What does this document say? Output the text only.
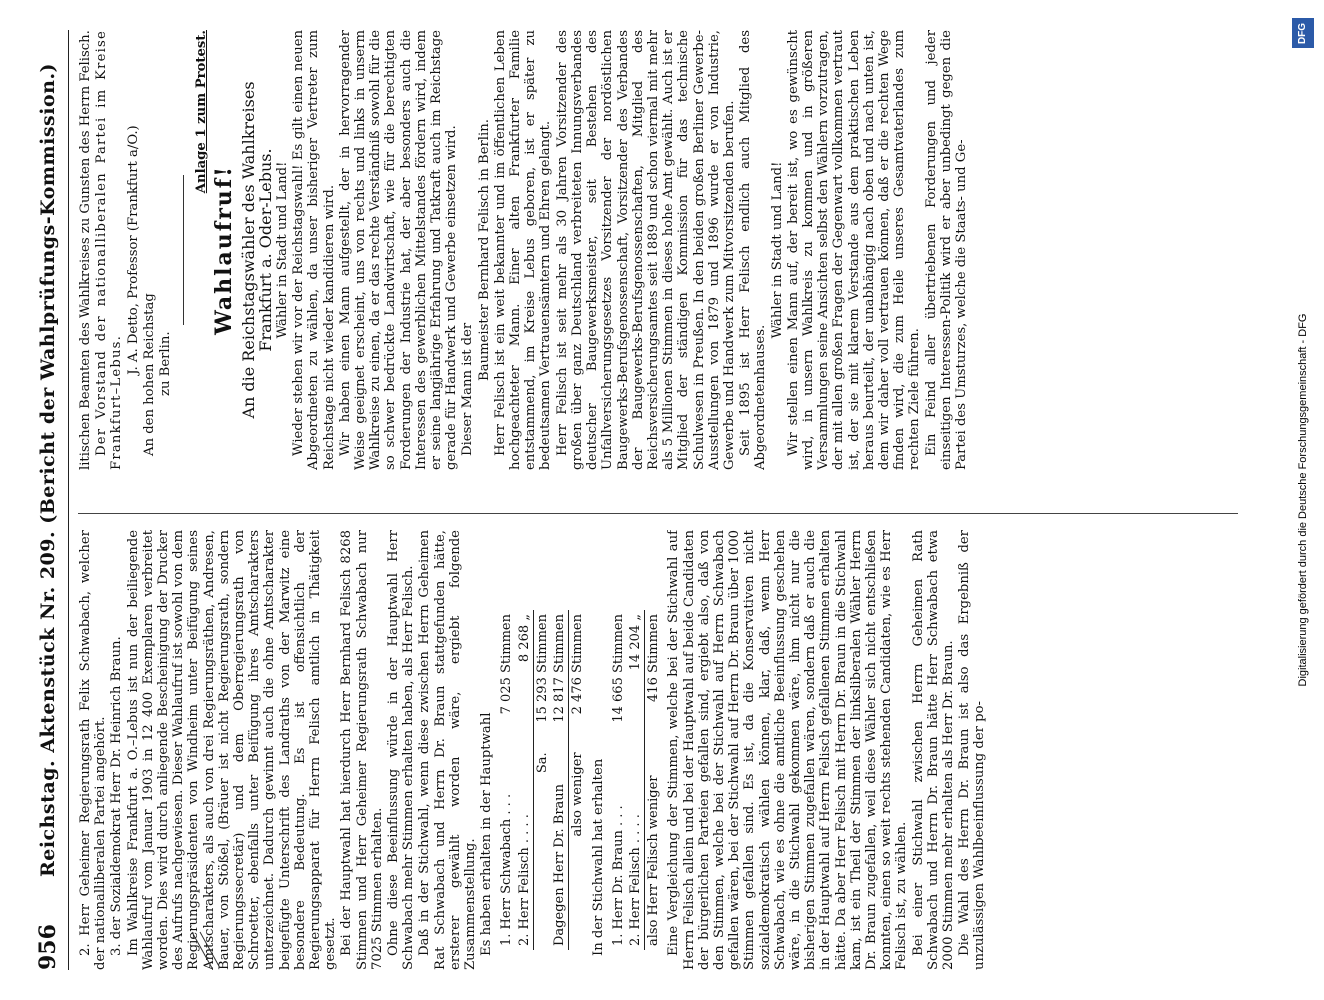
956
Reichstag. Aktenstück Nr. 209. (Bericht der Wahlprüfungs-Kommission.) 2. Herr Geheimer Regierungsrath Felix Schwabach, welcher der nationalliberalen Partei angehört. 3. der Sozialdemokrat Herr Dr. Heinrich Braun. Im Wahlkreise Frankfurt a. O.–Lebus ist nun der beiliegende Wahlaufruf vom Januar 1903 in 12 400 Exemplaren verbreitet worden. Dies wird durch anliegende Bescheinigung der Drucker des Aufrufs nachgewiesen. Dieser Wahlaufruf ist sowohl von dem Regierungspräsidenten von Windheim unter Beifügung seines Amtscharakters, als auch von drei Regierungsräthen, Andresen, Bauer, von Stößel, (Bräuer ist nicht Regierungsrath, sondern Regierungssecretär) und dem Oberregierungsrath von Schroetter, ebenfalls unter Beifügung ihres Amtscharakters unterzeichnet. Dadurch gewinnt auch die ohne Amtscharakter beigefügte Unterschrift des Landraths von der Marwitz eine besondere Bedeutung. Es ist offensichtlich der Regierungsapparat für Herrn Felisch amtlich in Thätigkeit gesetzt. Bei der Hauptwahl hat hierdurch Herr Bernhard Felisch 8268 Stimmen und Herr Geheimer Regierungsrath Schwabach nur 7025 Stimmen erhalten. Ohne diese Beeinflussung würde in der Hauptwahl Herr Schwabach mehr Stimmen erhalten haben, als Herr Felisch. Daß in der Stichwahl, wenn diese zwischen Herrn Geheimen Rat Schwabach und Herrn Dr. Braun stattgefunden hätte, ersterer gewählt worden wäre, ergiebt folgende Zusammenstellung. Es haben erhalten in der Hauptwahl 1. Herr Schwabach . . .	7 025 Stimmen
2. Herr Felisch . . . .	8 268 „
Sa.	15 293 Stimmen
Dagegen Herr Dr. Braun	12 817 Stimmen
also weniger	2 476 Stimmen

In der Stichwahl hat erhalten 1. Herr Dr. Braun . . .	14 665 Stimmen
2. Herr Felisch . . . .	14 204 „
also Herr Felisch weniger	416 Stimmen Eine Vergleichung der Stimmen, welche bei der Stichwahl auf Herrn Felisch allein und bei der Hauptwahl auf beide Candidaten der bürgerlichen Parteien gefallen sind, ergiebt also, daß von den Stimmen, welche bei der Stichwahl auf Herrn Schwabach gefallen wären, bei der Stichwahl auf Herrn Dr. Braun über 1000 Stimmen gefallen sind. Es ist, da die Konservativen nicht sozialdemokratisch wählen können, klar, daß, wenn Herr Schwabach, wie es ohne die amtliche Beeinflussung geschehen wäre, in die Stichwahl gekommen wäre, ihm nicht nur die bisherigen Stimmen zugefallen wären, sondern daß er auch die in der Hauptwahl auf Herrn Felisch gefallenen Stimmen erhalten hätte. Da aber Herr Felisch mit Herrn Dr. Braun in die Stichwahl kam, ist ein Theil der Stimmen der linksliberalen Wähler Herrn Dr. Braun zugefallen, weil diese Wähler sich nicht entschließen konnten, einen so weit rechts stehenden Candidaten, wie es Herr Felisch ist, zu wählen. Bei einer Stichwahl zwischen Herrn Geheimen Rath Schwabach und Herrn Dr. Braun hätte Herr Schwabach etwa 2000 Stimmen mehr erhalten als Herr Dr. Braun. Die Wahl des Herrn Dr. Braun ist also das Ergebniß der unzulässigen Wahlbeeinflussung der po-

litischen Beamten des Wahlkreises zu Gunsten des Herrn Felisch. Der Vorstand der nationalliberalen Partei im Kreise Frankfurt–Lebus.

J. A. Detto, Professor (Frankfurt a/O.) An den hohen Reichstag zu Berlin.

Anlage 1 zum Protest.

Wahlaufruf! An die Reichstagswähler des Wahlkreises

Frankfurt a. Oder-Lebus. Wähler in Stadt und Land! Wieder stehen wir vor der Reichstagswahl! Es gilt einen neuen Abgeordneten zu wählen, da unser bisheriger Vertreter zum Reichstage nicht wieder kandidieren wird. Wir haben einen Mann aufgestellt, der in hervorragender Weise geeignet erscheint, uns von rechts und links in unserm Wahlkreise zu einen, da er das rechte Verständniß sowohl für die so schwer bedrückte Landwirtschaft, wie für die berechtigten Forderungen der Industrie hat, der aber besonders auch die Interessen des gewerblichen Mittelstandes fördern wird, indem er seine langjährige Erfahrung und Tatkraft auch im Reichstage gerade für Handwerk und Gewerbe einsetzen wird. Dieser Mann ist der

Baumeister Bernhard Felisch in Berlin. Herr Felisch ist ein weit bekannter und im öffentlichen Leben hochgeachteter Mann. Einer alten Frankfurter Familie entstammend, im Kreise Lebus geboren, ist er später zu bedeutsamen Vertrauensämtern und Ehren gelangt. Herr Felisch ist seit mehr als 30 Jahren Vorsitzender des großen über ganz Deutschland verbreiteten Innungsverbandes deutscher Baugewerksmeister, seit Bestehen des Unfallversicherungsgesetzes Vorsitzender der nordöstlichen Baugewerks-Berufsgenossenschaft, Vorsitzender des Verbandes der Baugewerks-Berufsgenossenschaften, Mitglied des Reichsversicherungsamtes seit 1889 und schon viermal mit mehr als 5 Millionen Stimmen in dieses hohe Amt gewählt. Auch ist er Mitglied der ständigen Kommission für das technische Schulwesen in Preußen. In den beiden großen Berliner Gewerbe-Ausstellungen von 1879 und 1896 wurde er von Industrie, Gewerbe und Handwerk zum Mitvorsitzenden berufen. Seit 1895 ist Herr Felisch endlich auch Mitglied des Abgeordnetenhauses.

Wähler in Stadt und Land! Wir stellen einen Mann auf, der bereit ist, wo es gewünscht wird, in unsern Wahlkreis zu kommen und in größeren Versammlungen seine Ansichten selbst den Wählern vorzutragen, der mit allen großen Fragen der Gegenwart vollkommen vertraut ist, der sie mit klarem Verstande aus dem praktischen Leben heraus beurteilt, der unabhängig nach oben und nach unten ist, dem wir daher voll vertrauen können, daß er die rechten Wege finden wird, die zum Heile unseres Gesamtvaterlandes zum rechten Ziele führen. Ein Feind aller übertriebenen Forderungen und jeder einseitigen Interessen-Politik wird er aber unbedingt gegen die Partei des Umsturzes, welche die Staats- und Ge-

DFG
Digitalisierung gefördert durch die Deutsche Forschungsgemeinschaft - DFG
